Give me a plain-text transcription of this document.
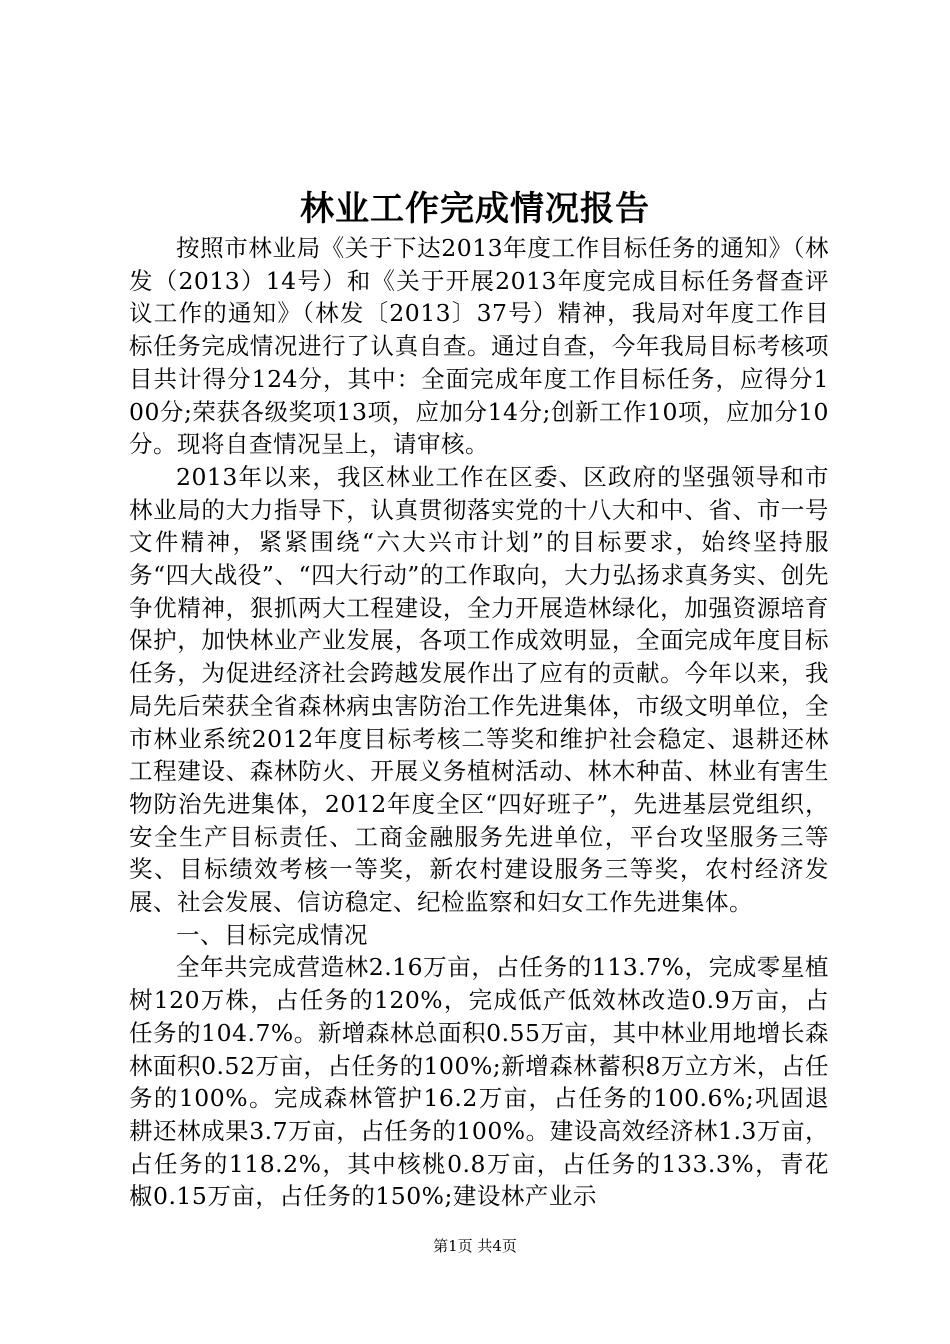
林业工作完成情况报告

按照市林业局《关于下达2013年度工作目标任务的通知》（林发（2013）14号）和《关于开展2013年度完成目标任务督查评议工作的通知》（林发〔2013〕37号）精神，我局对年度工作目标任务完成情况进行了认真自查。通过自查，今年我局目标考核项目共计得分124分，其中：全面完成年度工作目标任务，应得分100分;荣获各级奖项13项，应加分14分;创新工作10项，应加分10分。现将自查情况呈上，请审核。

2013年以来，我区林业工作在区委、区政府的坚强领导和市林业局的大力指导下，认真贯彻落实党的十八大和中、省、市一号文件精神，紧紧围绕“六大兴市计划”的目标要求，始终坚持服务“四大战役”、“四大行动”的工作取向，大力弘扬求真务实、创先争优精神，狠抓两大工程建设，全力开展造林绿化，加强资源培育保护，加快林业产业发展，各项工作成效明显，全面完成年度目标任务，为促进经济社会跨越发展作出了应有的贡献。今年以来，我局先后荣获全省森林病虫害防治工作先进集体，市级文明单位，全市林业系统2012年度目标考核二等奖和维护社会稳定、退耕还林工程建设、森林防火、开展义务植树活动、林木种苗、林业有害生物防治先进集体，2012年度全区“四好班子”，先进基层党组织，安全生产目标责任、工商金融服务先进单位，平台攻坚服务三等奖、目标绩效考核一等奖，新农村建设服务三等奖，农村经济发展、社会发展、信访稳定、纪检监察和妇女工作先进集体。

一、目标完成情况

全年共完成营造林2.16万亩，占任务的113.7%，完成零星植树120万株，占任务的120%，完成低产低效林改造0.9万亩，占任务的104.7%。新增森林总面积0.55万亩，其中林业用地增长森林面积0.52万亩，占任务的100%;新增森林蓄积8万立方米，占任务的100%。完成森林管护16.2万亩，占任务的100.6%;巩固退耕还林成果3.7万亩，占任务的100%。建设高效经济林1.3万亩，占任务的118.2%，其中核桃0.8万亩，占任务的133.3%，青花椒0.15万亩，占任务的150%;建设林产业示

第1页 共4页
